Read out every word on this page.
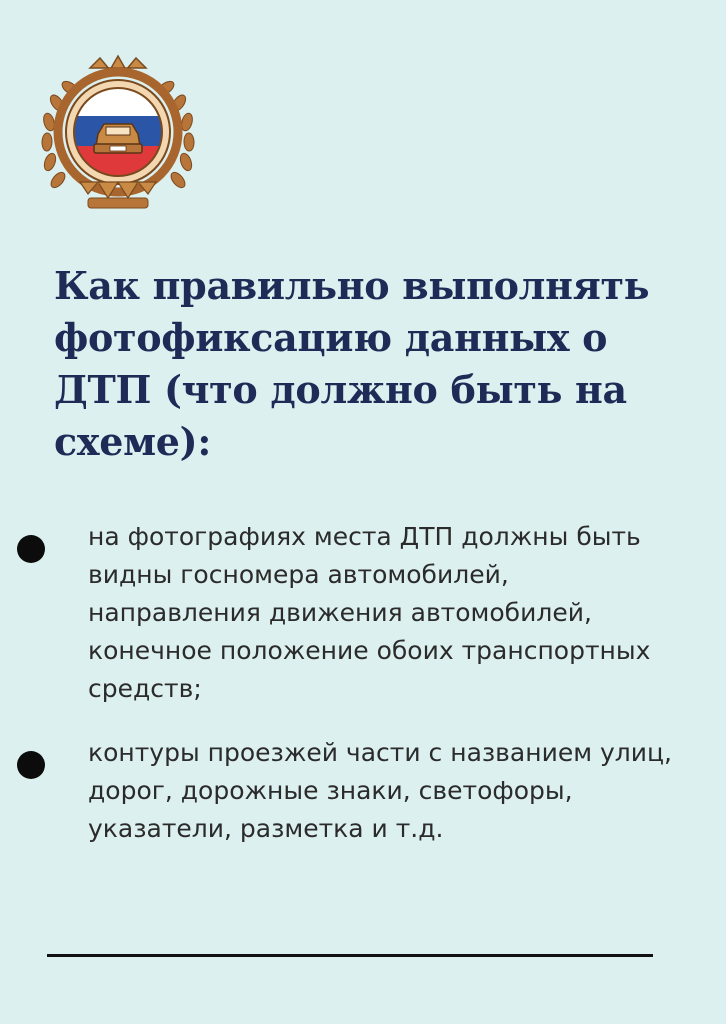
Как правильно выполнять фотофиксацию данных о ДТП (что должно быть на схеме):
на фотографиях места ДТП должны быть видны госномера автомобилей, направления движения автомобилей, конечное положение обоих транспортных средств;
контуры проезжей части с названием улиц, дорог, дорожные знаки, светофоры, указатели, разметка и т.д.
